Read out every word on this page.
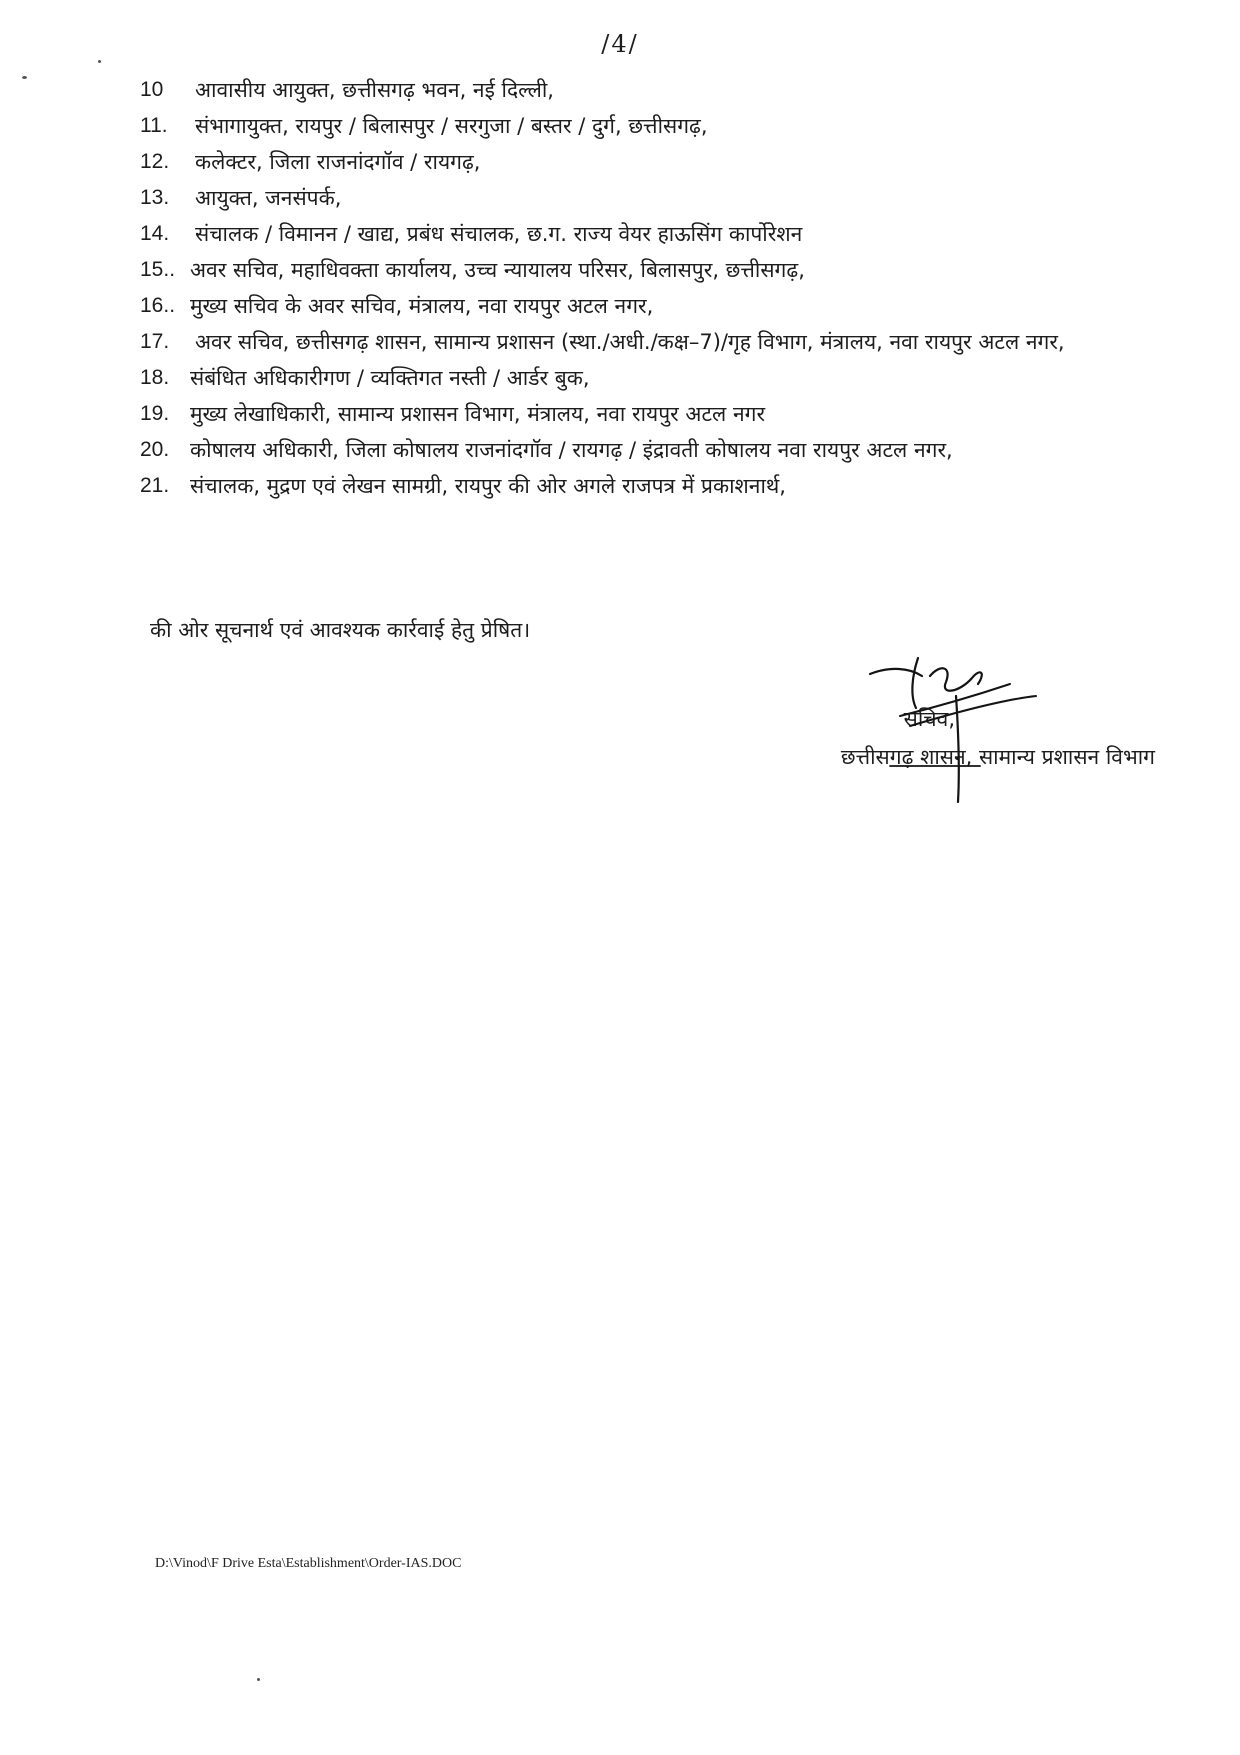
/4/
10	आवासीय आयुक्त, छत्तीसगढ़ भवन, नई दिल्ली,
11.	संभागायुक्त, रायपुर / बिलासपुर / सरगुजा / बस्तर / दुर्ग, छत्तीसगढ़,
12.	कलेक्टर, जिला राजनांदगॉव / रायगढ़,
13.	आयुक्त, जनसंपर्क,
14.	संचालक / विमानन / खाद्य, प्रबंध संचालक, छ.ग. राज्य वेयर हाऊसिंग कार्पोरेशन
15.. अवर सचिव, महाधिवक्ता कार्यालय, उच्च न्यायालय परिसर, बिलासपुर, छत्तीसगढ़,
16.. मुख्य सचिव के अवर सचिव, मंत्रालय, नवा रायपुर अटल नगर,
17.	अवर सचिव, छत्तीसगढ़ शासन, सामान्य प्रशासन (स्था./अधी./कक्ष–7)/गृह विभाग, मंत्रालय, नवा रायपुर अटल नगर,
18. संबंधित अधिकारीगण / व्यक्तिगत नस्ती / आर्डर बुक,
19. मुख्य लेखाधिकारी, सामान्य प्रशासन विभाग, मंत्रालय, नवा रायपुर अटल नगर
20. कोषालय अधिकारी, जिला कोषालय राजनांदगॉव / रायगढ़ / इंद्रावती कोषालय नवा रायपुर अटल नगर,
21. संचालक, मुद्रण एवं लेखन सामग्री, रायपुर की ओर अगले राजपत्र में प्रकाशनार्थ,
की ओर सूचनार्थ एवं आवश्यक कार्रवाई हेतु प्रेषित।
सचिव,
छत्तीसगढ़ शासन, सामान्य प्रशासन विभाग
D:\Vinod\F Drive Esta\Establishment\Order-IAS.DOC
